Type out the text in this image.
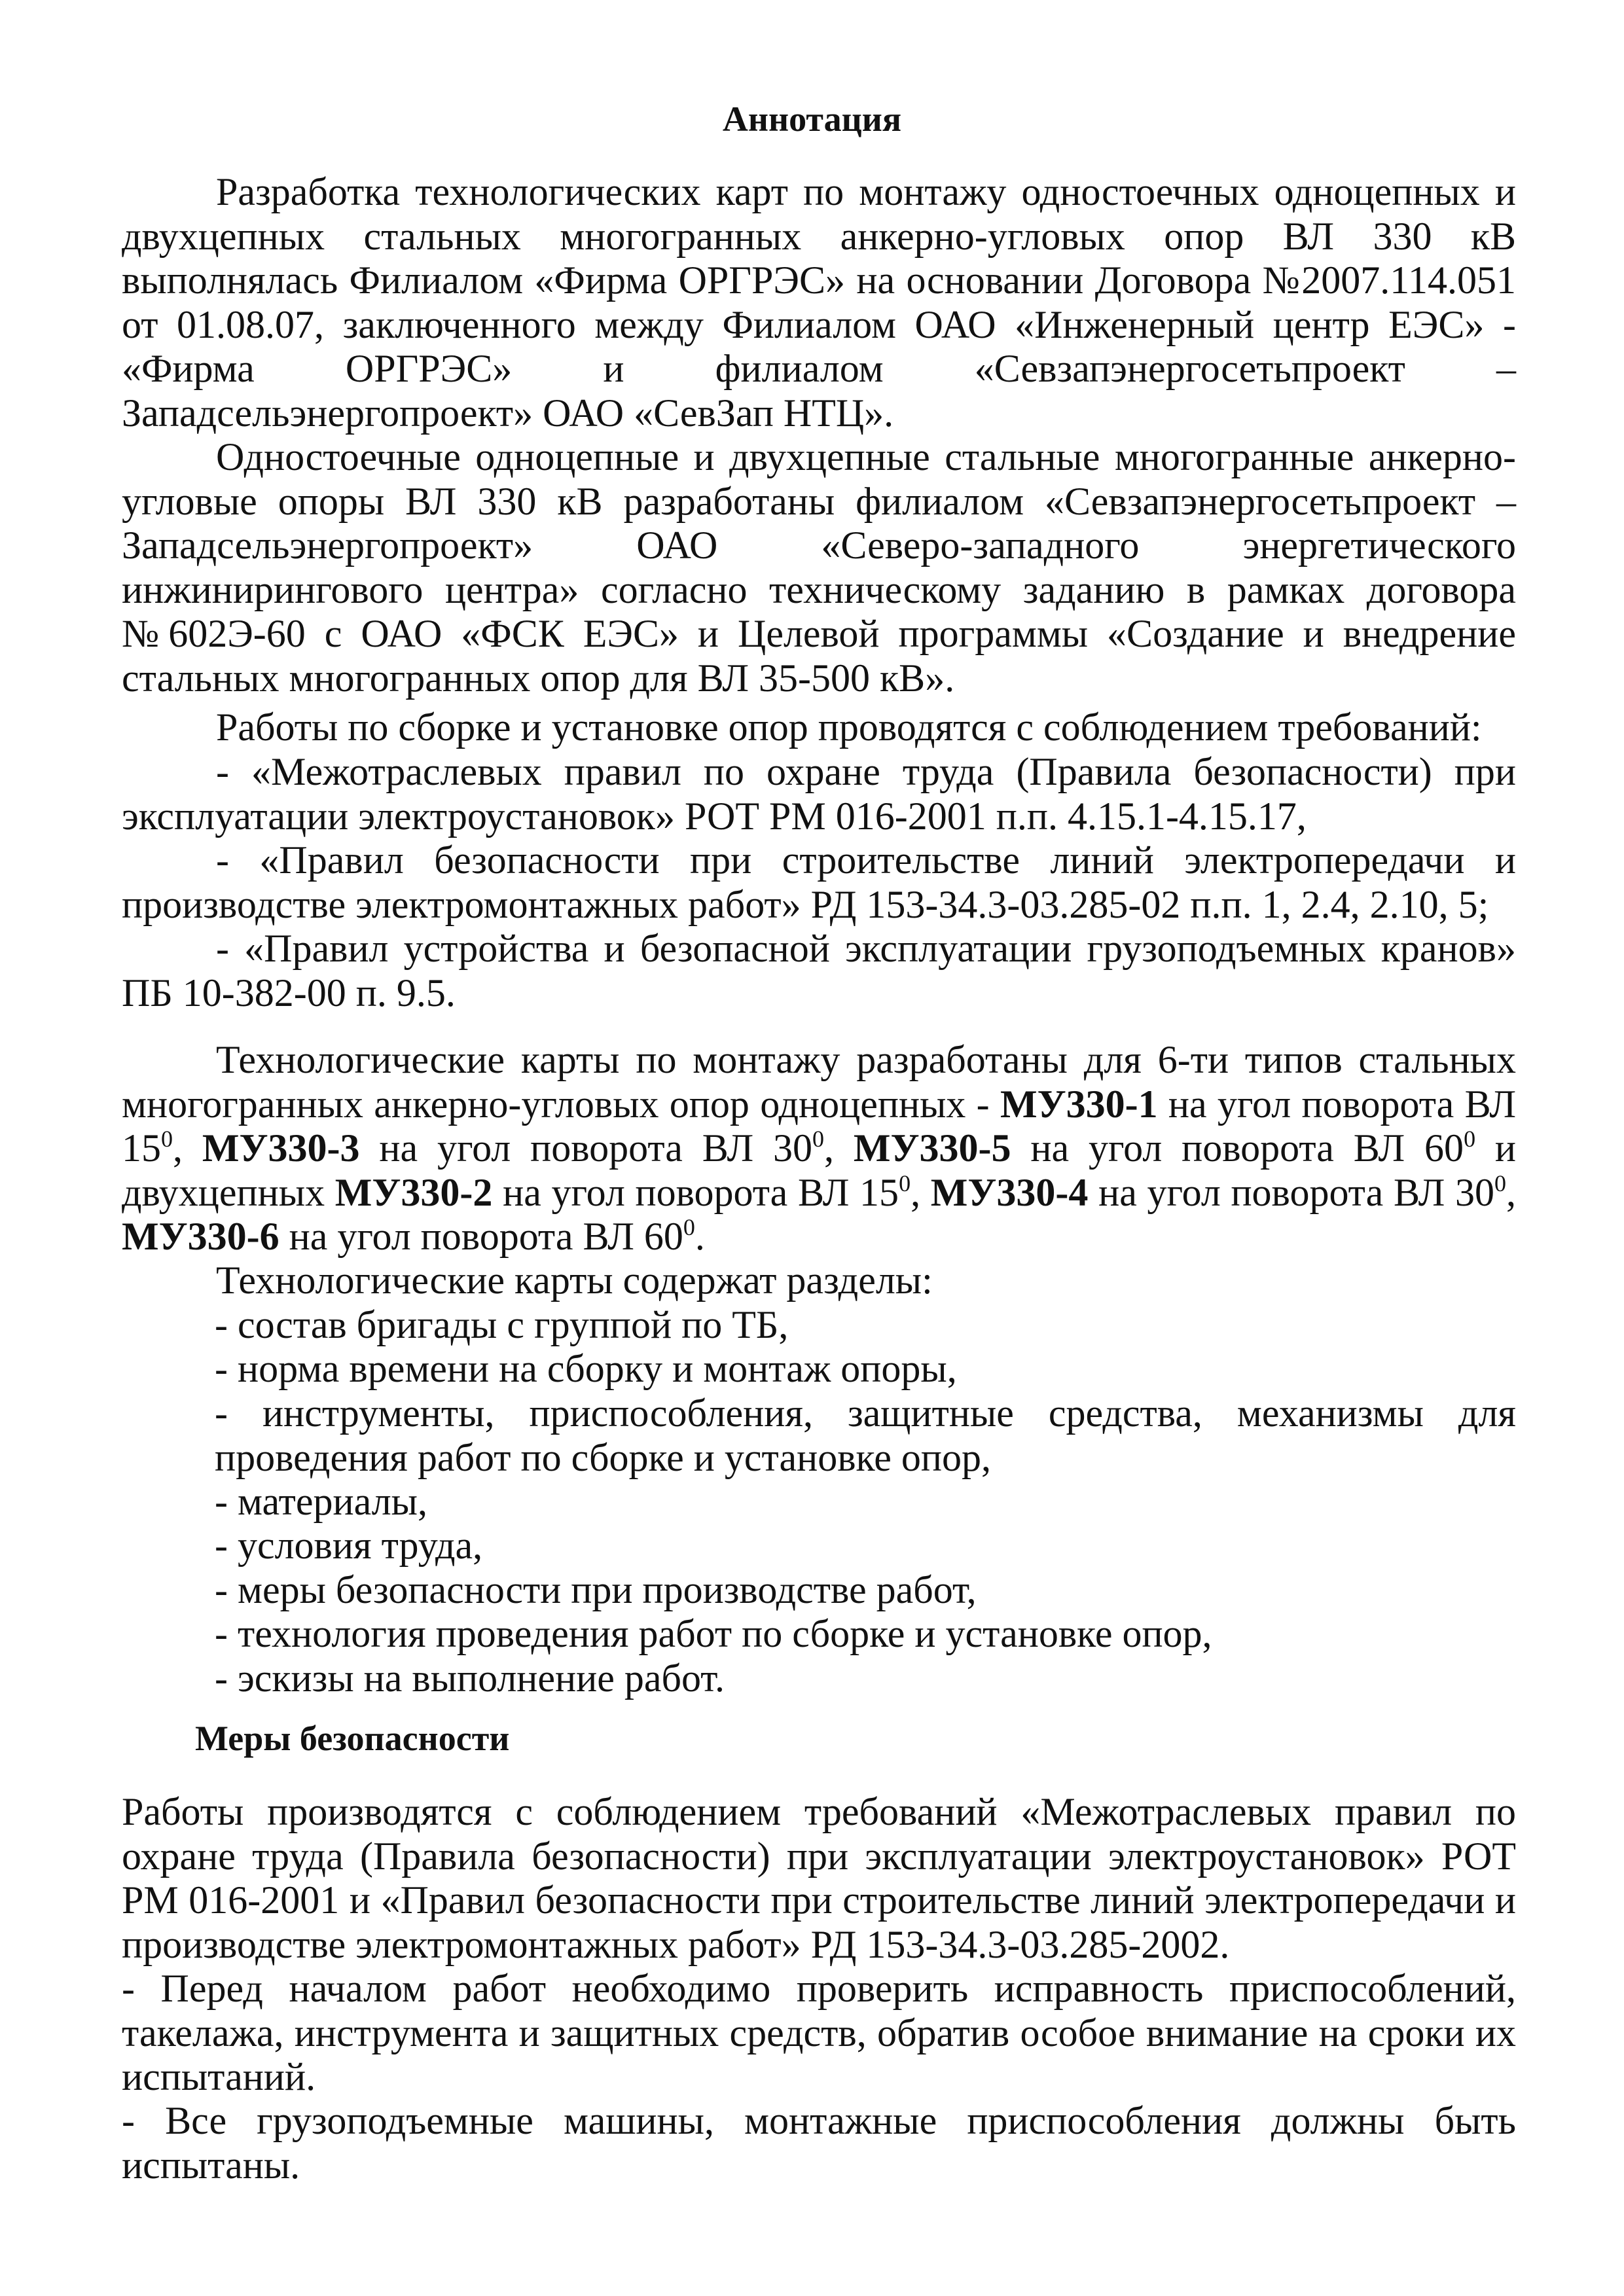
Аннотация

Разработка технологических карт по монтажу одностоечных одноцепных и двухцепных стальных многогранных анкерно-угловых опор ВЛ 330 кВ выполнялась Филиалом «Фирма ОРГРЭС» на основании Договора №2007.114.051 от 01.08.07, заключенного между Филиалом ОАО «Инженерный центр ЕЭС» - «Фирма ОРГРЭС» и филиалом «Севзапэнергосетьпроект –Западсельэнергопроект» ОАО «СевЗап НТЦ».

Одностоечные одноцепные и двухцепные стальные многогранные анкерно-угловые опоры ВЛ 330 кВ разработаны филиалом «Севзапэнергосетьпроект – Западсельэнергопроект» ОАО «Северо-западного энергетического инжинирингового центра» согласно техническому заданию в рамках договора №602Э-60 с ОАО «ФСК ЕЭС» и Целевой программы «Создание и внедрение стальных многогранных опор для ВЛ 35-500 кВ».

Работы по сборке и установке опор проводятся с соблюдением требований:

- «Межотраслевых правил по охране труда (Правила безопасности) при эксплуатации электроустановок» РОТ РМ 016-2001 п.п. 4.15.1-4.15.17,

- «Правил безопасности при строительстве линий электропередачи и производстве электромонтажных работ» РД 153-34.3-03.285-02 п.п. 1, 2.4, 2.10, 5;

- «Правил устройства и безопасной эксплуатации грузоподъемных кранов» ПБ 10-382-00 п. 9.5.

Технологические карты по монтажу разработаны для 6-ти типов стальных многогранных анкерно-угловых опор одноцепных - МУ330-1 на угол поворота ВЛ $15^0$, МУ330-3 на угол поворота ВЛ $30^0$, МУ330-5 на угол поворота ВЛ $60^0$ и двухцепных МУ330-2 на угол поворота ВЛ $15^0$, МУ330-4 на угол поворота ВЛ $30^0$, МУ330-6 на угол поворота ВЛ $60^0$.

Технологические карты содержат разделы:

- состав бригады с группой по ТБ,

- норма времени на сборку и монтаж опоры,

- инструменты, приспособления, защитные средства, механизмы для проведения работ по сборке и установке опор,

- материалы,

- условия труда,

- меры безопасности при производстве работ,

- технология проведения работ по сборке и установке опор,

- эскизы на выполнение работ.

Меры безопасности

Работы производятся с соблюдением требований «Межотраслевых правил по охране труда (Правила безопасности) при эксплуатации электроустановок» РОТ РМ 016-2001 и «Правил безопасности при строительстве линий электропередачи и производстве электромонтажных работ» РД 153-34.3-03.285-2002.

- Перед началом работ необходимо проверить исправность приспособлений, такелажа, инструмента и защитных средств, обратив особое внимание на сроки их испытаний.

- Все грузоподъемные машины, монтажные приспособления должны быть испытаны.
